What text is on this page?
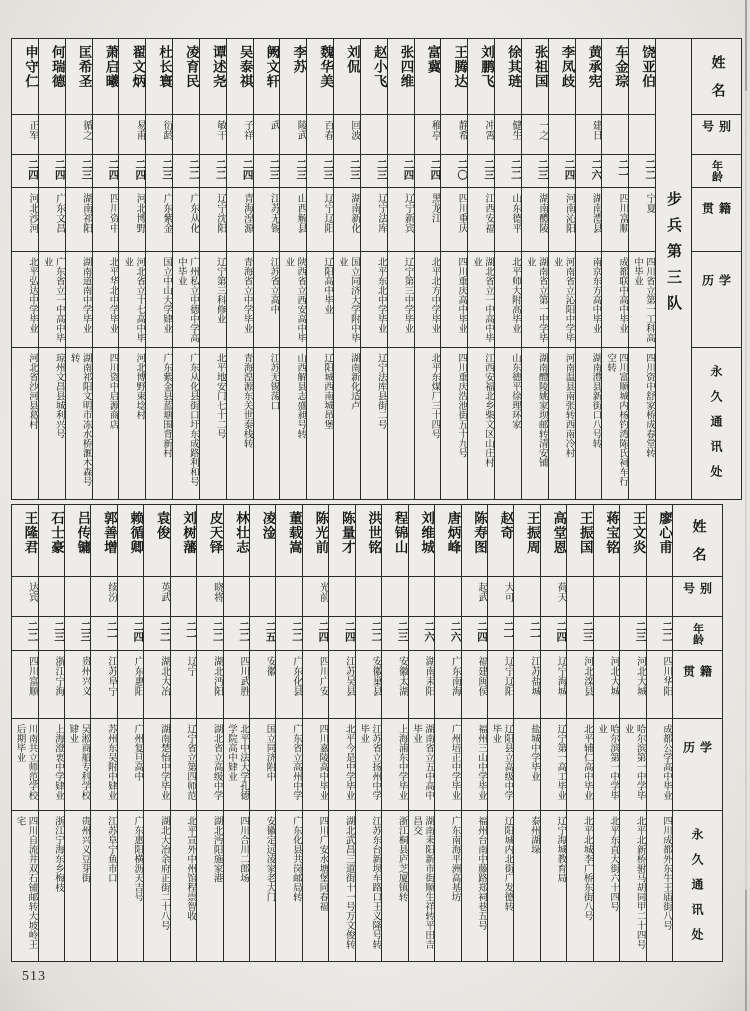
姓名
别号
年龄
籍贯
学历
永久通讯处
步兵第三队
饶亚伯
二二
宁夏
四川省立第一工科高中毕业
四川资中舒家桥成春堂转
车金琮
二一
四川富顺
成都联中高中毕业
四川富顺城内杨钓湾陈氏祠车行空转
黄承宪
建日
二六
湖南澧县
南京东方高中毕业
湖南澧县新街口八号转
李凤歧
二四
河南沁阳
河南省立沁阳中学毕业
河南温县南张转西南冷村
张祖国
一之
二三
湖南醴陵
湖南省立第一中学毕业
湖南醴陵姚家坝邮转清安铺
徐其琏
健生
二二
山东德平
北平师大附高毕业
山东德平徐理环家
刘鹏飞
冲霄
二三
江西安福
湖北省立一中高中毕业
江西安福北乡柴文区山庄村
王腾达
静希
二〇
四川重庆
四川重庆高中毕业
四川重庆浩池街五十九号
富冀
稚亭
二四
黑龙江
北平北方中学毕业
北平东煤厂三十四号
张四维
二四
辽宁新宾
辽宁第三中学毕业
赵小飞
二三
辽宁法库
北平东北中学毕业
辽宁法库县街二号
刘侃
回波
二三
湖南新化
国立同济大学附中毕业
湖南新化适卢
魏华美
百春
二三
辽宁辽阳
辽阳高中毕业
辽阳城西南城昂堡
李苏
陵武
二三
山西解县
陕西省立西安高中毕业
山西解县志盛昶号转
阙文轩
武
二三
江苏无锡
江苏省立高中
江苏无锡荡口
吴泰祺
子祥
二四
青海湟源
青海省立中学毕业
青海湟源东关世泰栈转
谭述尧
敏干
二二
辽宁沈阳
辽宁第三科修业
北平地安门七十二号
凌育民
二二
广东从化
广州私立中德中学高中毕业
广东从化县街口圩东成路利和号
杜长寰
衍龄
二三
广东紫金
国立中山大学肄业
广东紫金县蓝塘围背新村
翟文炳
易甫
二四
河北博野
河北省立十七高中毕业
河北博野束埝村
萧启曦
二四
四川资中
北平华北中学毕业
四川资中启源商店
匡希圣
循之
二三
湖南祁阳
湖南道南中学毕业
湖南祁阳文明市冻水桥滙木森号转
何瑞德
二四
广东文昌
广东省立一中高中毕业
琼州文昌县城利兴号
申守仁
正军
二四
河北沙河
北平弘达中学毕业
河北省沙河县葛村
姓名
别号
年龄
籍贯
学历
永久通讯处
廖心甫
二二
四川华阳
成都公学高中毕业
四川成都外东牛王庙街八号
王文炎
二三
河北大城
哈尔滨第一中学毕业
北平北新桥驸马胡同甲二十四号
蒋宝铭
河北大城
哈尔滨第一中学毕业
北平东直大街六十四号
王振国
二三
河北滦县
北平辅仁高中毕业
北平北城李广桥东街八号
高堂恩
荷天
二四
辽宁海城
辽宁第一高工毕业
辽宁海城教育局
王振周
二一
江苏盐城
盐城中学毕业
泰州湖垛
赵奇
大可
二一
辽宁辽阳
辽阳县立高级中学毕业
辽阳城内北街广发德转
陈寿图
起武
二四
福建闽侯
福州三山中学毕业
福州台南中藤路郑祠巷五号
唐炳峰
二六
广东南海
广州培正中学毕业
广东南海平洲高基坊
刘维城
二六
湖南耒阳
湖南省立五中高中毕业
湖南耒阳新市街顺生祥转平田吉昌交
程锦山
二三
安徽太湖
上海浦东中学毕业
浙江桐县庐芝厦镇转
洪世铭
二二
安徽巢县
江苏省立扬州中学毕业
江苏东台新坝车路口王义隆号转
陈量才
二四
江苏吴县
北平今是中学毕业
湖北武昌三道街十一号万文俊转
陈光前
光前
二四
四川广安
四川嘉陵高中毕业
四川广安水塘堡同春福
董载嵩
二二
广东化县
广东省立高州中学
广东化县共岗邮局转
凌淦
二五
安徽
国立同济附中
安徽定远凌家老大门
林壮志
二二
四川武胜
北平中法大学孔德学院高中肄业
四川合川二郎场
皮天铎
晓将
二二
湖北沔阳
湖北省立高级中学
湖北沔阳施家港
刘树藩
二一
辽宁
辽宁省立第四师范
北平宣外中州馆程崇智收
袁俊
英武
二二
湖北大冶
湖南楚怡中学毕业
湖北大冶余府正街二十八号
赖循卿
二四
广东惠阳
广州复旦高中
广东惠阳横沥天吉号
郭善增
续汾
二一
江苏阜宁
苏州东吴附中肄业
江苏阜宁鱼市口
吕传镛
二三
贵州兴义
吴淞商船专科学校肄业
贵州兴义豆芽街
石士豪
二三
浙江宁海
上海澄衷中学肄业
浙江宁海东乡梅枝
王隆君
达宾
二二
四川富顺
川南共立师范学校后期毕业
四川自流井双石铺邮转大坡岭王宅
513
